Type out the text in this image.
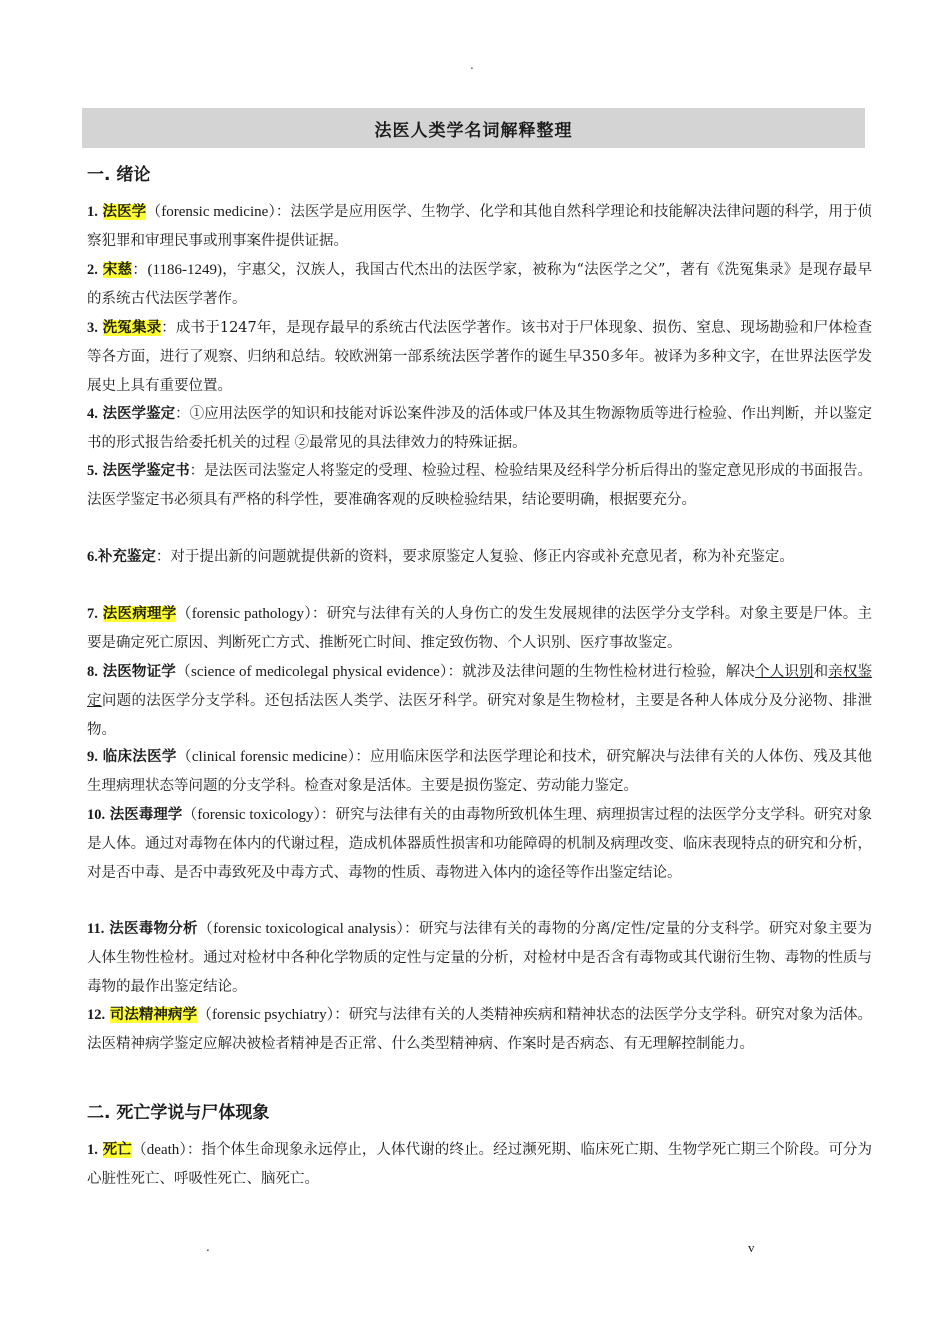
.
法医人类学名词解释整理
一. 绪论
1. 法医学（forensic medicine）：法医学是应用医学、生物学、化学和其他自然科学理论和技能解决法律问题的科学，用于侦察犯罪和审理民事或刑事案件提供证据。
2. 宋慈：(1186-1249)，宇惠父，汉族人，我国古代杰出的法医学家，被称为“法医学之父”，著有《洗冤集录》是现存最早的系统古代法医学著作。
3. 洗冤集录：成书于1247年，是现存最早的系统古代法医学著作。该书对于尸体现象、损伤、窒息、现场勘验和尸体检查等各方面，进行了观察、归纳和总结。较欧洲第一部系统法医学著作的诞生早350多年。被译为多种文字，在世界法医学发展史上具有重要位置。
4. 法医学鉴定：①应用法医学的知识和技能对诉讼案件涉及的活体或尸体及其生物源物质等进行检验、作出判断，并以鉴定书的形式报告给委托机关的过程 ②最常见的具法律效力的特殊证据。
5. 法医学鉴定书：是法医司法鉴定人将鉴定的受理、检验过程、检验结果及经科学分析后得出的鉴定意见形成的书面报告。法医学鉴定书必须具有严格的科学性，要准确客观的反映检验结果，结论要明确，根据要充分。
6.补充鉴定：对于提出新的问题就提供新的资料，要求原鉴定人复验、修正内容或补充意见者，称为补充鉴定。
7. 法医病理学（forensic pathology）：研究与法律有关的人身伤亡的发生发展规律的法医学分支学科。对象主要是尸体。主要是确定死亡原因、判断死亡方式、推断死亡时间、推定致伤物、个人识别、医疗事故鉴定。
8. 法医物证学（science of medicolegal physical evidence）：就涉及法律问题的生物性检材进行检验，解决个人识别和亲权鉴定问题的法医学分支学科。还包括法医人类学、法医牙科学。研究对象是生物检材，主要是各种人体成分及分泌物、排泄物。
9. 临床法医学（clinical forensic medicine）：应用临床医学和法医学理论和技术，研究解决与法律有关的人体伤、残及其他生理病理状态等问题的分支学科。检查对象是活体。主要是损伤鉴定、劳动能力鉴定。
10. 法医毒理学（forensic toxicology）：研究与法律有关的由毒物所致机体生理、病理损害过程的法医学分支学科。研究对象是人体。通过对毒物在体内的代谢过程，造成机体器质性损害和功能障碍的机制及病理改变、临床表现特点的研究和分析，对是否中毒、是否中毒致死及中毒方式、毒物的性质、毒物进入体内的途径等作出鉴定结论。
11. 法医毒物分析（forensic toxicological analysis）：研究与法律有关的毒物的分离/定性/定量的分支科学。研究对象主要为人体生物性检材。通过对检材中各种化学物质的定性与定量的分析，对检材中是否含有毒物或其代谢衍生物、毒物的性质与毒物的最作出鉴定结论。
12. 司法精神病学（forensic psychiatry）：研究与法律有关的人类精神疾病和精神状态的法医学分支学科。研究对象为活体。法医精神病学鉴定应解决被检者精神是否正常、什么类型精神病、作案时是否病态、有无理解控制能力。
二. 死亡学说与尸体现象
1. 死亡（death）：指个体生命现象永远停止，人体代谢的终止。经过濒死期、临床死亡期、生物学死亡期三个阶段。可分为心脏性死亡、呼吸性死亡、脑死亡。
.	v
